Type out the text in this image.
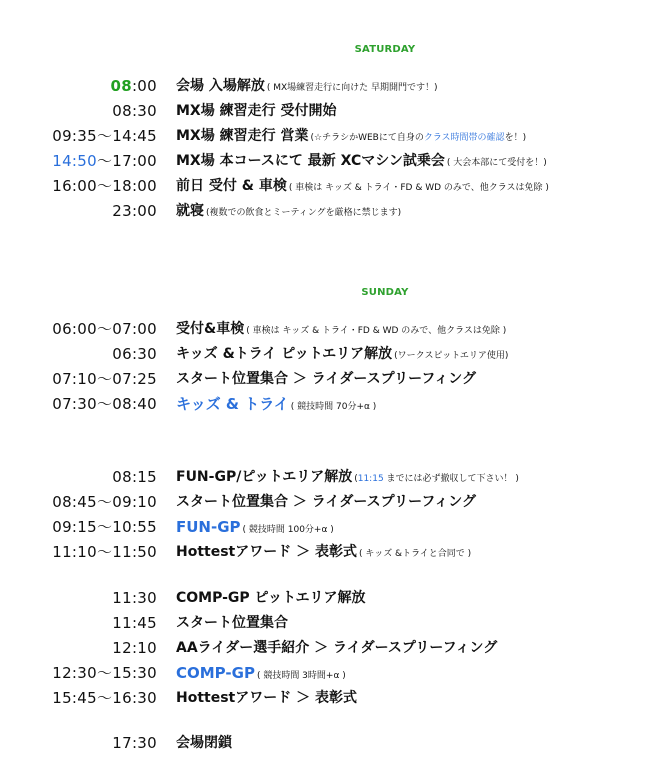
SATURDAY
08:00 会場 入場解放 ( MX場練習走行に向けた 早期開門です！)
08:30 MX場 練習走行 受付開始
09:35〜14:45 MX場 練習走行 営業 (☆チラシかWEBにて自身のクラス時間帯の確認を！)
14:50〜17:00 MX場 本コースにて 最新 XCマシン試乗会 ( 大会本部にて受付を！)
16:00〜18:00 前日 受付 & 車検 ( 車検は キッズ & トライ・FD & WD のみで、他クラスは免除 )
23:00 就寝 (複数での飲食とミーティングを厳格に禁じます)
SUNDAY
06:00〜07:00 受付&車検 ( 車検は キッズ & トライ・FD & WD のみで、他クラスは免除 )
06:30 キッズ &トライ ピットエリア解放 (ワークスピットエリア使用)
07:10〜07:25 スタート位置集合 ＞ ライダースプリーフィング
07:30〜08:40 キッズ & トライ ( 競技時間 70分+α )
08:15 FUN-GP/ピットエリア解放 (11:15 までには必ず撤収して下さい！ )
08:45〜09:10 スタート位置集合 ＞ ライダースプリーフィング
09:15〜10:55 FUN-GP ( 競技時間 100分+α )
11:10〜11:50 Hottestアワード ＞ 表彰式 ( キッズ &トライと合同で )
11:30 COMP-GP ピットエリア解放
11:45 スタート位置集合
12:10 AAライダー選手紹介 ＞ ライダースプリーフィング
12:30〜15:30 COMP-GP ( 競技時間 3時間+α )
15:45〜16:30 Hottestアワード ＞ 表彰式
17:30 会場閉鎖
